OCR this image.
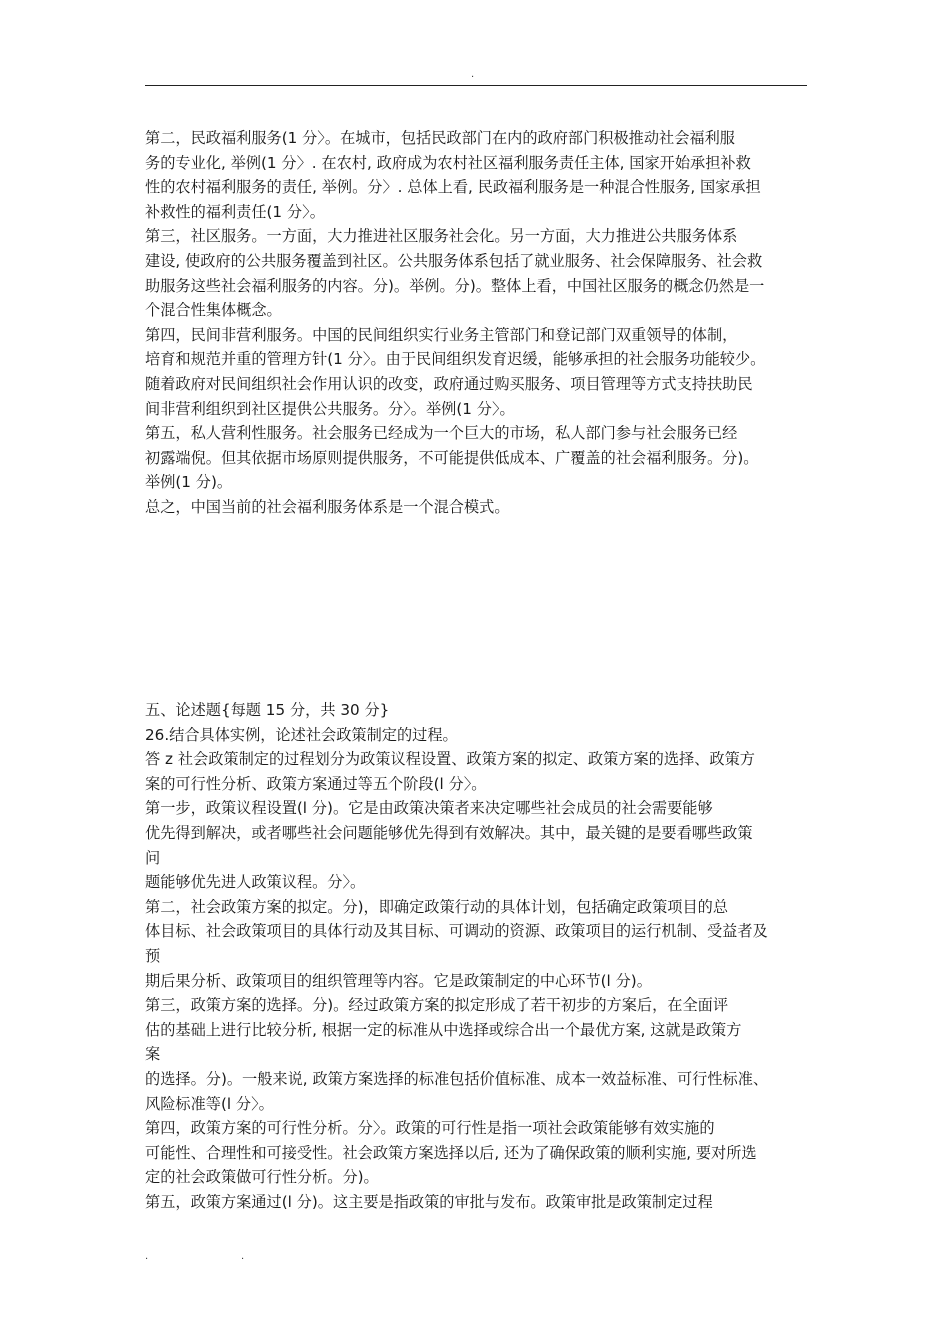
.
第二，民政福利服务(1 分〉。在城市，包括民政部门在内的政府部门积极推动社会福利服
务的专业化, 举例(1 分〉. 在农村, 政府成为农村社区福利服务责任主体, 国家开始承担补救
性的农村福利服务的责任, 举例。分〉. 总体上看, 民政福利服务是一种混合性服务, 国家承担
补救性的福利责任(1 分〉。
第三，社区服务。一方面，大力推进社区服务社会化。另一方面，大力推进公共服务体系
建设, 使政府的公共服务覆盖到社区。公共服务体系包括了就业服务、社会保障服务、社会救
助服务这些社会福利服务的内容。分)。举例。分)。整体上看，中国社区服务的概念仍然是一
个混合性集体概念。
第四，民间非营利服务。中国的民间组织实行业务主管部门和登记部门双重领导的体制，
培育和规范并重的管理方针(1 分〉。由于民间组织发育迟缓，能够承担的社会服务功能较少。
随着政府对民间组织社会作用认识的改变，政府通过购买服务、项目管理等方式支持扶助民
间非营利组织到社区提供公共服务。分〉。举例(1 分〉。
第五，私人营利性服务。社会服务已经成为一个巨大的市场，私人部门参与社会服务已经
初露端倪。但其依据市场原则提供服务，不可能提供低成本、广覆盖的社会福利服务。分)。
举例(1 分)。
总之，中国当前的社会福利服务体系是一个混合模式。
五、论述题{每题 15 分，共 30 分}
26.结合具体实例，论述社会政策制定的过程。
答 z 社会政策制定的过程划分为政策议程设置、政策方案的拟定、政策方案的选择、政策方
案的可行性分析、政策方案通过等五个阶段(l 分〉。
第一步，政策议程设置(l 分)。它是由政策决策者来决定哪些社会成员的社会需要能够
优先得到解决，或者哪些社会问题能够优先得到有效解决。其中，最关键的是要看哪些政策
问
题能够优先进人政策议程。分〉。
第二，社会政策方案的拟定。分)，即确定政策行动的具体计划，包括确定政策项目的总
体目标、社会政策项目的具体行动及其目标、可调动的资源、政策项目的运行机制、受益者及
预
期后果分析、政策项目的组织管理等内容。它是政策制定的中心环节(l 分)。
第三，政策方案的选择。分)。经过政策方案的拟定形成了若干初步的方案后，在全面评
估的基础上进行比较分析, 根据一定的标准从中选择或综合出一个最优方案, 这就是政策方
案
的选择。分)。一般来说, 政策方案选择的标准包括价值标准、成本一效益标准、可行性标准、
风险标准等(l 分〉。
第四，政策方案的可行性分析。分〉。政策的可行性是指一项社会政策能够有效实施的
可能性、合理性和可接受性。社会政策方案选择以后, 还为了确保政策的顺利实施, 要对所选
定的社会政策做可行性分析。分)。
第五，政策方案通过(l 分)。这主要是指政策的审批与发布。政策审批是政策制定过程
.	.
